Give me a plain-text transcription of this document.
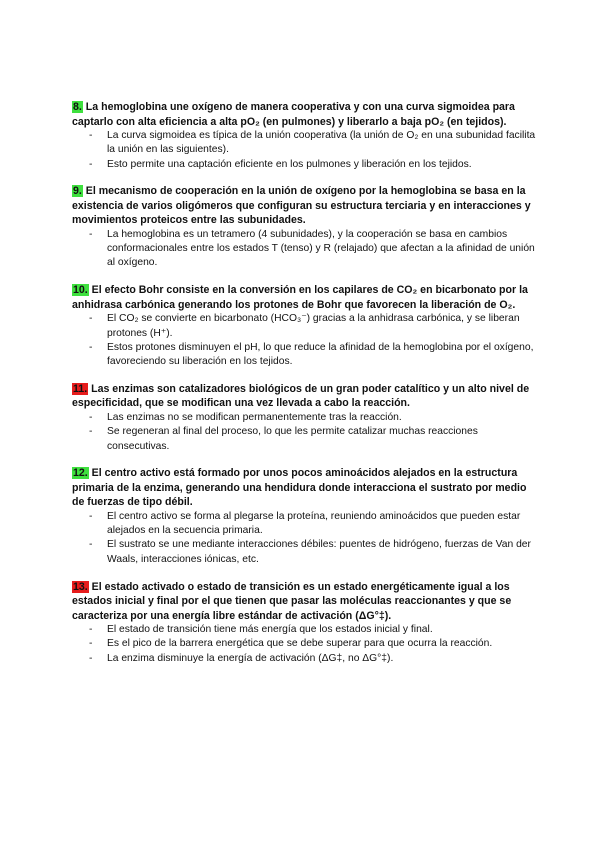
8. La hemoglobina une oxígeno de manera cooperativa y con una curva sigmoidea para captarlo con alta eficiencia a alta pO₂ (en pulmones) y liberarlo a baja pO₂ (en tejidos).

- La curva sigmoidea es típica de la unión cooperativa (la unión de O₂ en una subunidad facilita la unión en las siguientes).
- Esto permite una captación eficiente en los pulmones y liberación en los tejidos.

9. El mecanismo de cooperación en la unión de oxígeno por la hemoglobina se basa en la existencia de varios oligómeros que configuran su estructura terciaria y en interacciones y movimientos proteicos entre las subunidades.

- La hemoglobina es un tetramero (4 subunidades), y la cooperación se basa en cambios conformacionales entre los estados T (tenso) y R (relajado) que afectan a la afinidad de unión al oxígeno.

10. El efecto Bohr consiste en la conversión en los capilares de CO₂ en bicarbonato por la anhidrasa carbónica generando los protones de Bohr que favorecen la liberación de O₂.

- El CO₂ se convierte en bicarbonato (HCO₃⁻) gracias a la anhidrasa carbónica, y se liberan protones (H⁺).
- Estos protones disminuyen el pH, lo que reduce la afinidad de la hemoglobina por el oxígeno, favoreciendo su liberación en los tejidos.

11. Las enzimas son catalizadores biológicos de un gran poder catalítico y un alto nivel de especificidad, que se modifican una vez llevada a cabo la reacción.

- Las enzimas no se modifican permanentemente tras la reacción.
- Se regeneran al final del proceso, lo que les permite catalizar muchas reacciones consecutivas.

12. El centro activo está formado por unos pocos aminoácidos alejados en la estructura primaria de la enzima, generando una hendidura donde interacciona el sustrato por medio de fuerzas de tipo débil.

- El centro activo se forma al plegarse la proteína, reuniendo aminoácidos que pueden estar alejados en la secuencia primaria.
- El sustrato se une mediante interacciones débiles: puentes de hidrógeno, fuerzas de Van der Waals, interacciones iónicas, etc.

13. El estado activado o estado de transición es un estado energéticamente igual a los estados inicial y final por el que tienen que pasar las moléculas reaccionantes y que se caracteriza por una energía libre estándar de activación (ΔG°‡).

- El estado de transición tiene más energía que los estados inicial y final.
- Es el pico de la barrera energética que se debe superar para que ocurra la reacción.
- La enzima disminuye la energía de activación (ΔG‡, no ΔG°‡).
